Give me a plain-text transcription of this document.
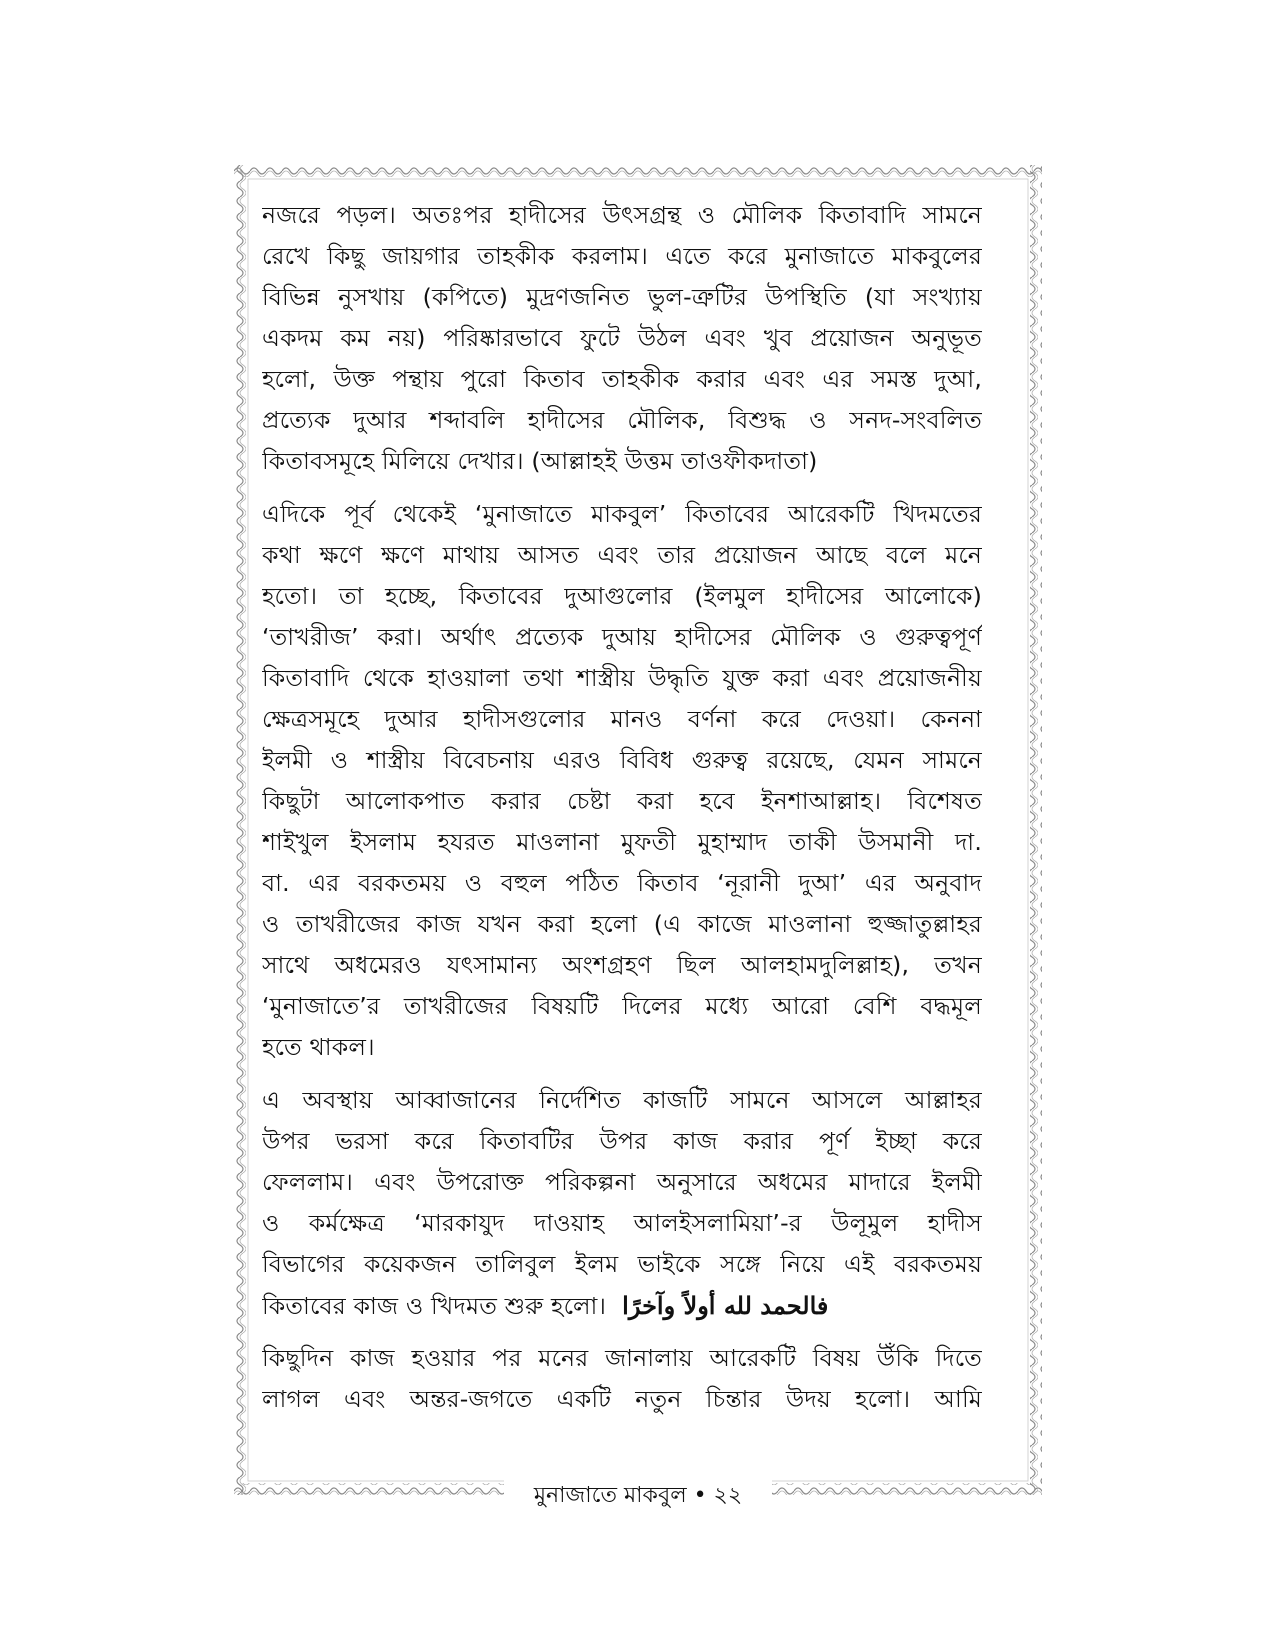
নজরে পড়ল। অতঃপর হাদীসের উৎসগ্রন্থ ও মৌলিক কিতাবাদি সামনে
রেখে কিছু জায়গার তাহকীক করলাম। এতে করে মুনাজাতে মাকবুলের
বিভিন্ন নুসখায় (কপিতে) মুদ্রণজনিত ভুল-ত্রুটির উপস্থিতি (যা সংখ্যায়
একদম কম নয়) পরিষ্কারভাবে ফুটে উঠল এবং খুব প্রয়োজন অনুভূত
হলো, উক্ত পন্থায় পুরো কিতাব তাহকীক করার এবং এর সমস্ত দুআ,
প্রত্যেক দুআর শব্দাবলি হাদীসের মৌলিক, বিশুদ্ধ ও সনদ-সংবলিত
কিতাবসমূহে মিলিয়ে দেখার। (আল্লাহই উত্তম তাওফীকদাতা)

এদিকে পূর্ব থেকেই ‘মুনাজাতে মাকবুল’ কিতাবের আরেকটি খিদমতের
কথা ক্ষণে ক্ষণে মাথায় আসত এবং তার প্রয়োজন আছে বলে মনে
হতো। তা হচ্ছে, কিতাবের দুআগুলোর (ইলমুল হাদীসের আলোকে)
‘তাখরীজ’ করা। অর্থাৎ প্রত্যেক দুআয় হাদীসের মৌলিক ও গুরুত্বপূর্ণ
কিতাবাদি থেকে হাওয়ালা তথা শাস্ত্রীয় উদ্ধৃতি যুক্ত করা এবং প্রয়োজনীয়
ক্ষেত্রসমূহে দুআর হাদীসগুলোর মানও বর্ণনা করে দেওয়া। কেননা
ইলমী ও শাস্ত্রীয় বিবেচনায় এরও বিবিধ গুরুত্ব রয়েছে, যেমন সামনে
কিছুটা আলোকপাত করার চেষ্টা করা হবে ইনশাআল্লাহ। বিশেষত
শাইখুল ইসলাম হযরত মাওলানা মুফতী মুহাম্মাদ তাকী উসমানী দা.
বা. এর বরকতময় ও বহুল পঠিত কিতাব ‘নূরানী দুআ’ এর অনুবাদ
ও তাখরীজের কাজ যখন করা হলো (এ কাজে মাওলানা হুজ্জাতুল্লাহর
সাথে অধমেরও যৎসামান্য অংশগ্রহণ ছিল আলহামদুলিল্লাহ), তখন
‘মুনাজাতে’র তাখরীজের বিষয়টি দিলের মধ্যে আরো বেশি বদ্ধমূল
হতে থাকল।

এ অবস্থায় আব্বাজানের নির্দেশিত কাজটি সামনে আসলে আল্লাহর
উপর ভরসা করে কিতাবটির উপর কাজ করার পূর্ণ ইচ্ছা করে
ফেললাম। এবং উপরোক্ত পরিকল্পনা অনুসারে অধমের মাদারে ইলমী
ও কর্মক্ষেত্র ‘মারকাযুদ দাওয়াহ আলইসলামিয়া’-র উলূমুল হাদীস
বিভাগের কয়েকজন তালিবুল ইলম ভাইকে সঙ্গে নিয়ে এই বরকতময়
কিতাবের কাজ ও খিদমত শুরু হলো। فالحمد لله أولاً وآخرًا

কিছুদিন কাজ হওয়ার পর মনের জানালায় আরেকটি বিষয় উঁকি দিতে
লাগল এবং অন্তর-জগতে একটি নতুন চিন্তার উদয় হলো। আমি

মুনাজাতে মাকবুল • ২২
